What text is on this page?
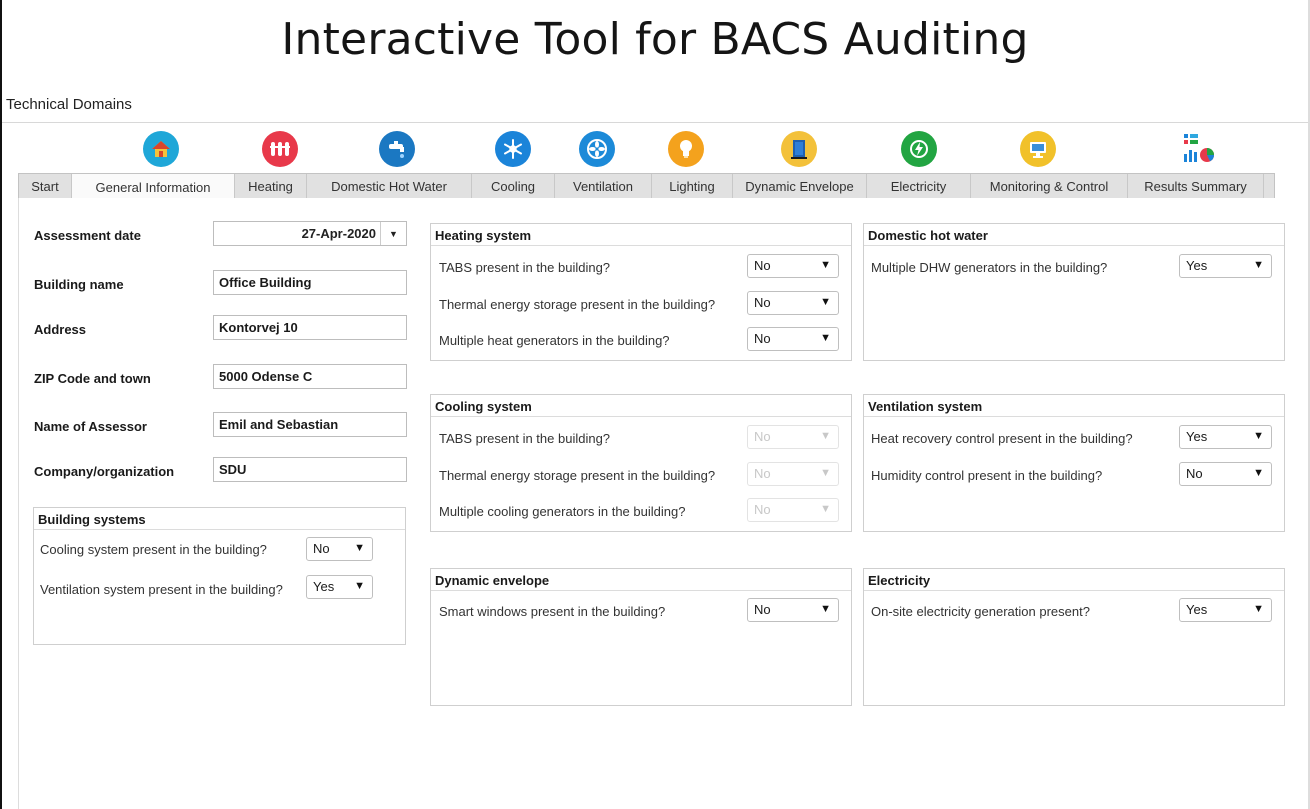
Interactive Tool for BACS Auditing
Technical Domains
Start	General Information	Heating	Domestic Hot Water	Cooling	Ventilation	Lighting	Dynamic Envelope	Electricity	Monitoring & Control	Results Summary
Assessment date	27-Apr-2020	▼
Building name	Office Building
Address	Kontorvej 10
ZIP Code and town	5000 Odense C
Name of Assessor	Emil and Sebastian
Company/organization	SDU
Building systems
Cooling system present in the building?	No ▼
Ventilation system present in the building?	Yes ▼
Heating system
TABS present in the building?	No	▼
Thermal energy storage present in the building?	No	▼
Multiple heat generators in the building?	No	▼
Domestic hot water
Multiple DHW generators in the building?	Yes	▼
Cooling system
TABS present in the building?	No	▼
Thermal energy storage present in the building?	No	▼
Multiple cooling generators in the building?	No	▼
Ventilation system
Heat recovery control present in the building?	Yes	▼
Humidity control present in the building?	No	▼
Dynamic envelope
Smart windows present in the building?	No	▼
Electricity
On-site electricity generation present?	Yes	▼
